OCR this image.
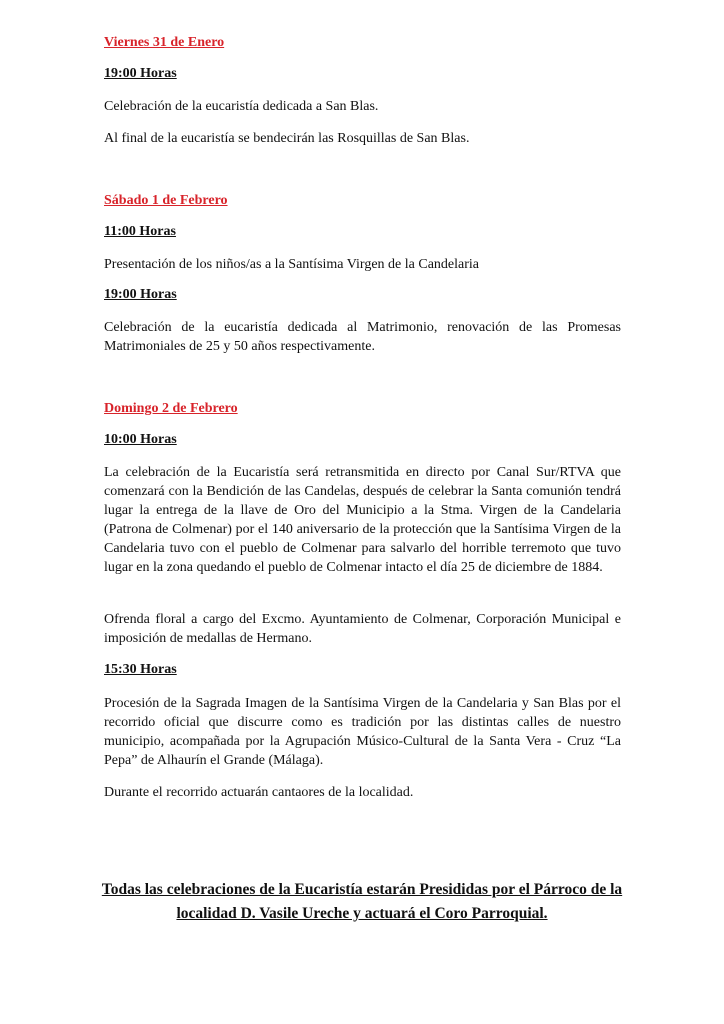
Viernes 31 de Enero
19:00 Horas
Celebración de la eucaristía dedicada a San Blas.
Al final de la eucaristía se bendecirán las Rosquillas de San Blas.
Sábado 1 de Febrero
11:00 Horas
Presentación de los niños/as a la Santísima Virgen de la Candelaria
19:00 Horas
Celebración de la eucaristía dedicada al Matrimonio, renovación de las Promesas Matrimoniales de 25 y 50 años respectivamente.
Domingo 2 de Febrero
10:00 Horas
La celebración de la Eucaristía será retransmitida en directo por Canal Sur/RTVA que comenzará con la Bendición de las Candelas, después de celebrar la Santa comunión tendrá lugar la entrega de la llave de Oro del Municipio a la Stma. Virgen de la Candelaria (Patrona de Colmenar) por el 140 aniversario de la protección que la Santísima Virgen de la Candelaria tuvo con el pueblo de Colmenar para salvarlo del horrible terremoto que tuvo lugar en la zona quedando el pueblo de Colmenar intacto el día 25 de diciembre de 1884.
Ofrenda floral a cargo del Excmo. Ayuntamiento de Colmenar, Corporación Municipal e imposición de medallas de Hermano.
15:30 Horas
Procesión de la Sagrada Imagen de la Santísima Virgen de la Candelaria y San Blas por el recorrido oficial que discurre como es tradición por las distintas calles de nuestro municipio, acompañada por la Agrupación Músico-Cultural de la Santa Vera - Cruz “La Pepa” de Alhaurín el Grande (Málaga).
Durante el recorrido actuarán cantaores de la localidad.
Todas las celebraciones de la Eucaristía estarán Presididas por el Párroco de la localidad D. Vasile Ureche y actuará el Coro Parroquial.
